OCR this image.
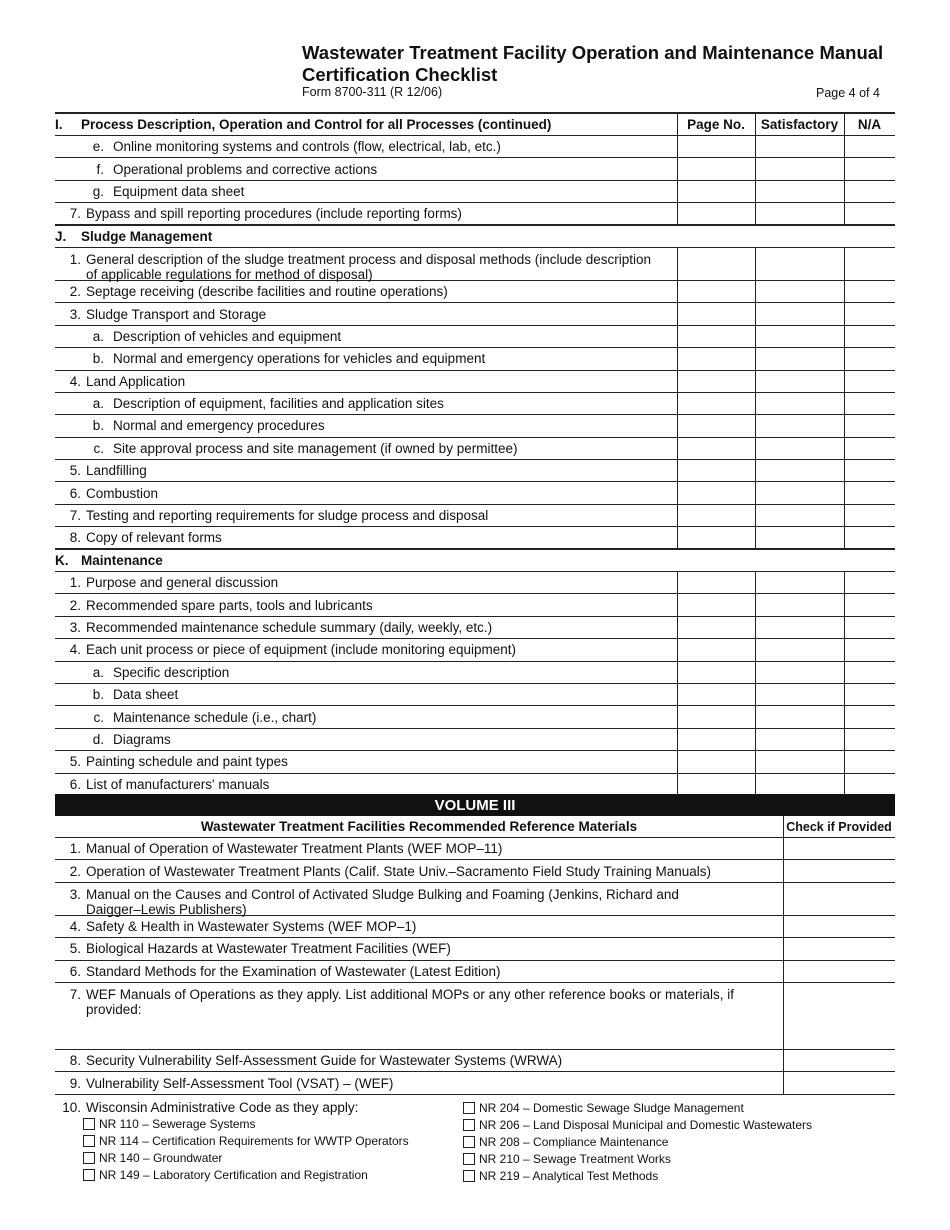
Wastewater Treatment Facility Operation and Maintenance Manual
Certification Checklist
Form 8700-311 (R 12/06)	Page 4 of 4
I.	Process Description, Operation and Control for all Processes (continued)	Page No.	Satisfactory	N/A
e. Online monitoring systems and controls (flow, electrical, lab, etc.)
f. Operational problems and corrective actions
g. Equipment data sheet
7. Bypass and spill reporting procedures (include reporting forms)
J.	Sludge Management
1. General description of the sludge treatment process and disposal methods (include description
of applicable regulations for method of disposal)
2. Septage receiving (describe facilities and routine operations)
3. Sludge Transport and Storage
a. Description of vehicles and equipment
b. Normal and emergency operations for vehicles and equipment
4. Land Application
a. Description of equipment, facilities and application sites
b. Normal and emergency procedures
c. Site approval process and site management (if owned by permittee)
5. Landfilling
6. Combustion
7. Testing and reporting requirements for sludge process and disposal
8. Copy of relevant forms
K. Maintenance
1. Purpose and general discussion
2. Recommended spare parts, tools and lubricants
3. Recommended maintenance schedule summary (daily, weekly, etc.)
4. Each unit process or piece of equipment (include monitoring equipment)
a. Specific description
b. Data sheet
c. Maintenance schedule (i.e., chart)
d. Diagrams
5. Painting schedule and paint types
6. List of manufacturers' manuals
VOLUME III
Wastewater Treatment Facilities Recommended Reference Materials	Check if Provided
1. Manual of Operation of Wastewater Treatment Plants (WEF MOP–11)
2. Operation of Wastewater Treatment Plants (Calif. State Univ.–Sacramento Field Study Training Manuals)
3. Manual on the Causes and Control of Activated Sludge Bulking and Foaming (Jenkins, Richard and
Daigger–Lewis Publishers)
4. Safety & Health in Wastewater Systems (WEF MOP–1)
5. Biological Hazards at Wastewater Treatment Facilities (WEF)
6. Standard Methods for the Examination of Wastewater (Latest Edition)
7. WEF Manuals of Operations as they apply. List additional MOPs or any other reference books or materials, if
provided:
8. Security Vulnerability Self-Assessment Guide for Wastewater Systems (WRWA)
9. Vulnerability Self-Assessment Tool (VSAT) – (WEF)
10. Wisconsin Administrative Code as they apply:
NR 110 – Sewerage Systems
NR 114 – Certification Requirements for WWTP Operators
NR 140 – Groundwater
NR 149 – Laboratory Certification and Registration
NR 204 – Domestic Sewage Sludge Management
NR 206 – Land Disposal Municipal and Domestic Wastewaters
NR 208 – Compliance Maintenance
NR 210 – Sewage Treatment Works
NR 219 – Analytical Test Methods
